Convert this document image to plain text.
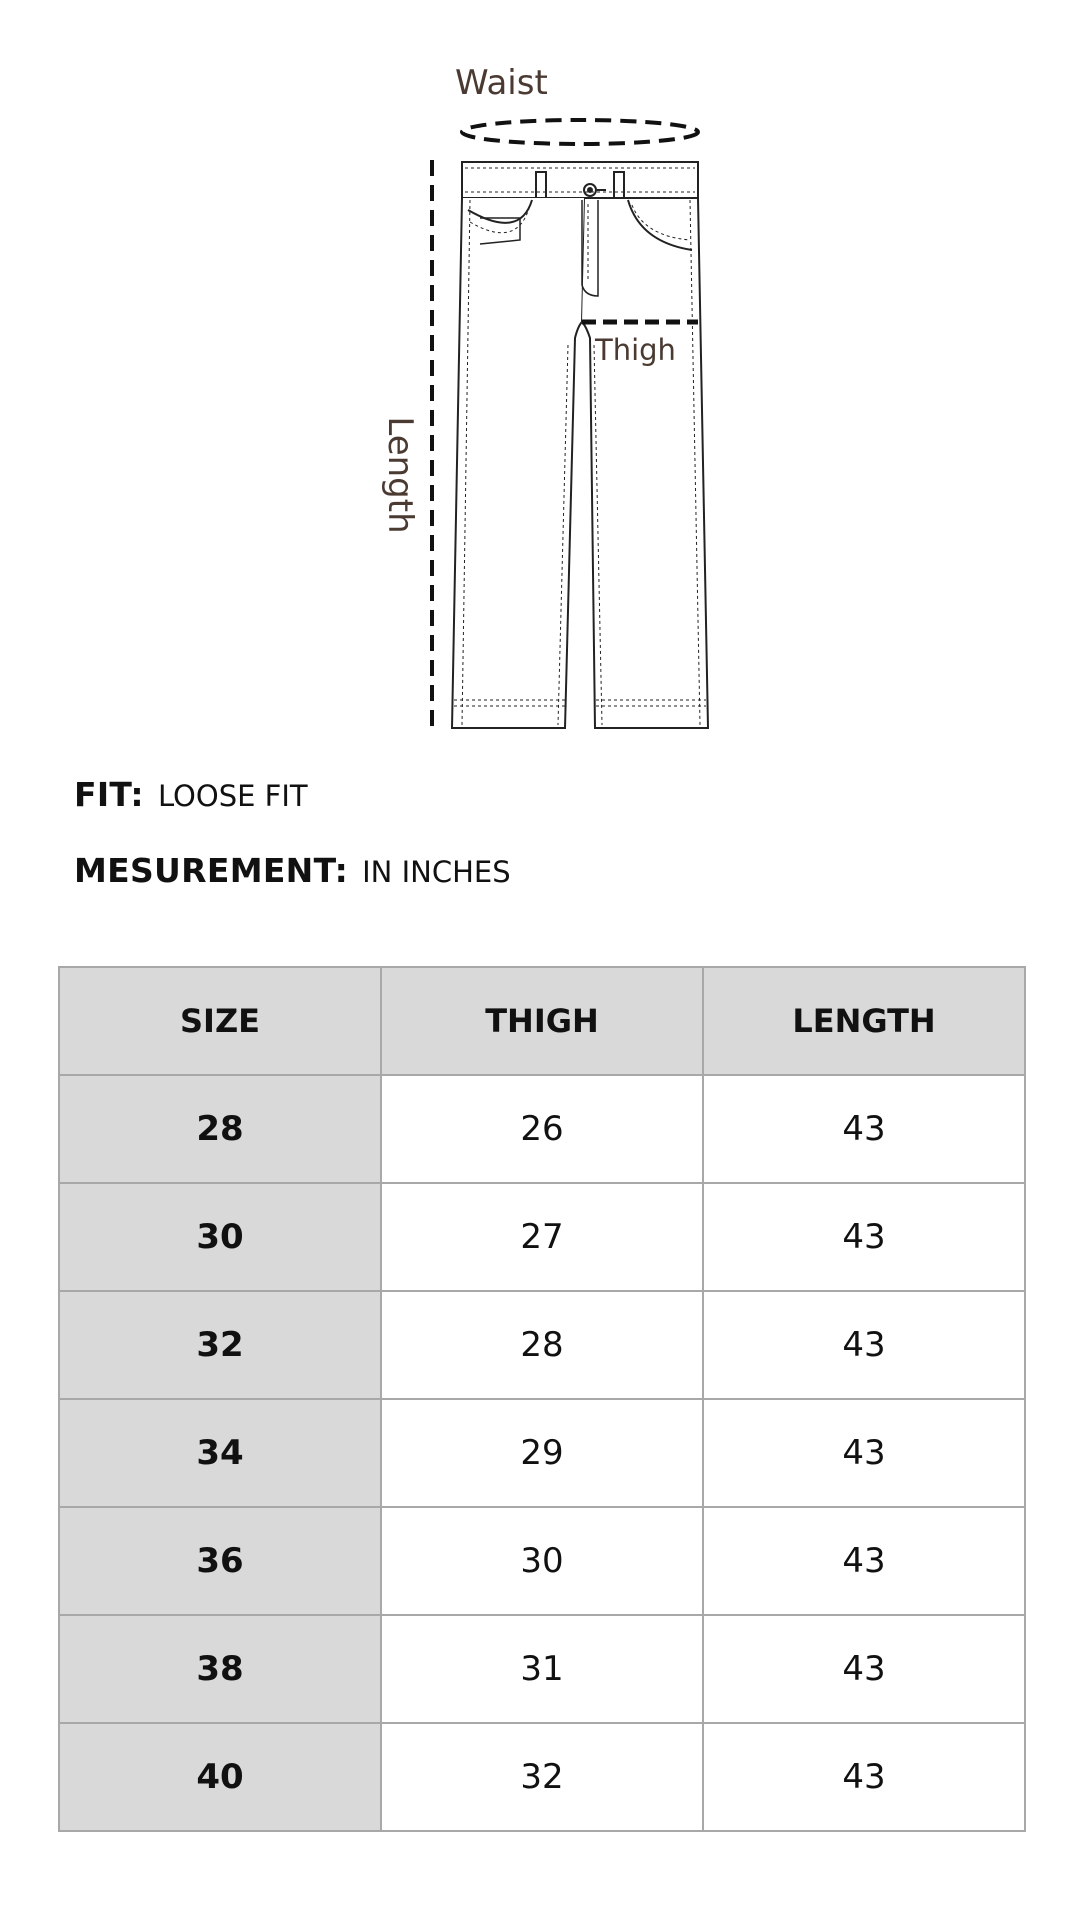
Waist
Length
Thigh
FIT: LOOSE FIT
MESUREMENT: IN INCHES
SIZE	THIGH	LENGTH
28	26	43
30	27	43
32	28	43
34	29	43
36	30	43
38	31	43
40	32	43
